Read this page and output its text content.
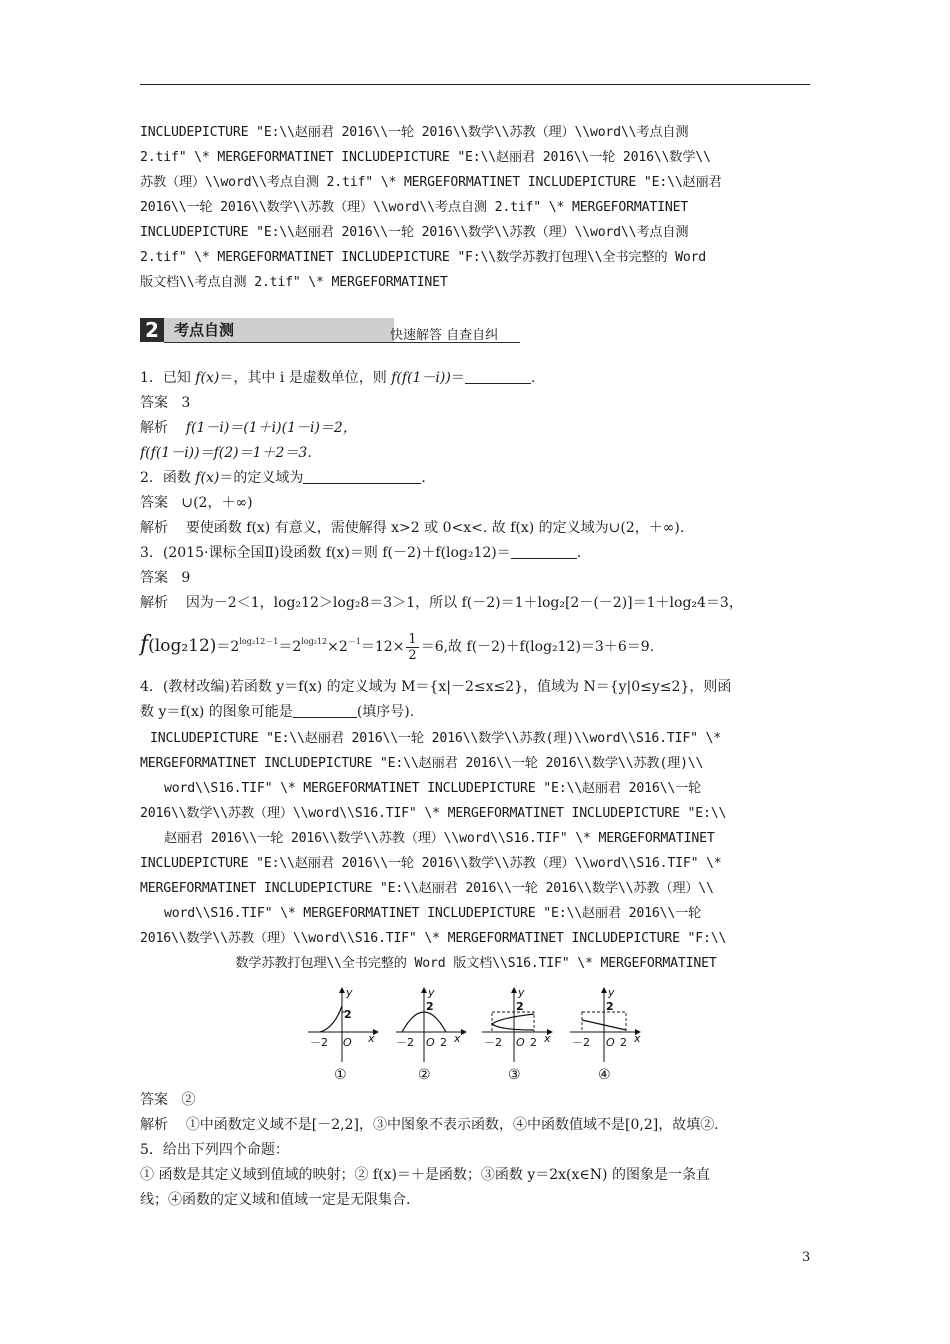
INCLUDEPICTURE "E:\\赵丽君 2016\\一轮 2016\\数学\\苏教（理）\\word\\考点自测
2.tif" \* MERGEFORMATINET INCLUDEPICTURE "E:\\赵丽君 2016\\一轮 2016\\数学\\
苏教（理）\\word\\考点自测 2.tif" \* MERGEFORMATINET INCLUDEPICTURE "E:\\赵丽君
2016\\一轮 2016\\数学\\苏教（理）\\word\\考点自测 2.tif" \* MERGEFORMATINET
INCLUDEPICTURE "E:\\赵丽君 2016\\一轮 2016\\数学\\苏教（理）\\word\\考点自测
2.tif" \* MERGEFORMATINET INCLUDEPICTURE "F:\\数学苏教打包理\\全书完整的 Word
版文档\\考点自测 2.tif" \* MERGEFORMATINET
2	考点自测	快速解答 自查自纠
1．已知 f(x)＝，其中 i 是虚数单位，则 f(f(1－i))＝	.
答案 3
解析 f(1－i)＝(1＋i)(1－i)＝2，
f(f(1－i))＝f(2)＝1＋2＝3.
2．函数 f(x)＝的定义域为	.
答案 ∪(2，＋∞)
解析 要使函数 f(x) 有意义，需使解得 x>2 或 0<x<. 故 f(x) 的定义域为∪(2，＋∞).
3．(2015·课标全国Ⅱ)设函数 f(x)＝则 f(－2)＋f(log₂12)＝	.
答案 9
解析 因为－2＜1，log₂12＞log₂8＝3＞1，所以 f(－2)＝1＋log₂[2－(－2)]＝1＋log₂4＝3，
$f(\log_212)=2^{log_212-1}=2^{log_212}\times 2^{-1}=12\times \frac{1}{2} =6$,故 f(－2)＋f(log₂12)＝3＋6＝9.
4．(教材改编)若函数 y＝f(x) 的定义域为 M＝{x|－2≤x≤2}，值域为 N＝{y|0≤y≤2}，则函
数 y＝f(x) 的图象可能是	(填序号).
INCLUDEPICTURE "E:\\赵丽君 2016\\一轮 2016\\数学\\苏教(理)\\word\\S16.TIF" \*
MERGEFORMATINET INCLUDEPICTURE "E:\\赵丽君 2016\\一轮 2016\\数学\\苏教(理)\\
word\\S16.TIF" \* MERGEFORMATINET INCLUDEPICTURE "E:\\赵丽君 2016\\一轮
2016\\数学\\苏教（理）\\word\\S16.TIF" \* MERGEFORMATINET INCLUDEPICTURE "E:\\
赵丽君 2016\\一轮 2016\\数学\\苏教（理）\\word\\S16.TIF" \* MERGEFORMATINET
INCLUDEPICTURE "E:\\赵丽君 2016\\一轮 2016\\数学\\苏教（理）\\word\\S16.TIF" \*
MERGEFORMATINET INCLUDEPICTURE "E:\\赵丽君 2016\\一轮 2016\\数学\\苏教（理）\\
word\\S16.TIF" \* MERGEFORMATINET INCLUDEPICTURE "E:\\赵丽君 2016\\一轮
2016\\数学\\苏教（理）\\word\\S16.TIF" \* MERGEFORMATINET INCLUDEPICTURE "F:\\
数学苏教打包理\\全书完整的 Word 版文档\\S16.TIF" \* MERGEFORMATINET
y
2
－2 O x
①
y
2
－2 O 2 x
②
y
2
－2 O 2 x
③
y
2
－2 O 2 x
④
答案 ②
解析 ①中函数定义域不是[－2,2]，③中图象不表示函数，④中函数值域不是[0,2]，故填②.
5．给出下列四个命题：
① 函数是其定义域到值域的映射；② f(x)＝＋是函数；③函数 y＝2x(x∈N) 的图象是一条直
线；④函数的定义域和值域一定是无限集合.
3
